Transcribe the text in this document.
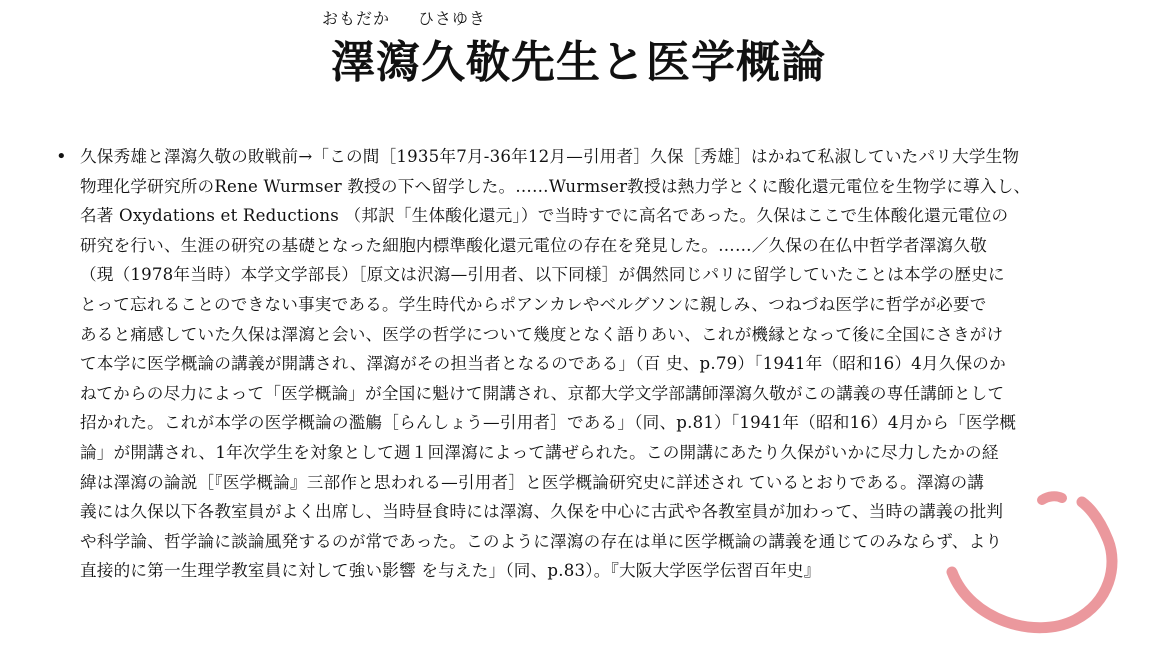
おもだか ひさゆき
澤瀉久敬先生と医学概論
• 久保秀雄と澤瀉久敬の敗戦前→「この間［1935年7月-36年12月—引用者］久保［秀雄］はかねて私淑していたパリ大学生物
物理化学研究所のRene Wurmser 教授の下へ留学した。……Wurmser教授は熱力学とくに酸化還元電位を生物学に導入し、
名著 Oxydations et Reductions （邦訳「生体酸化還元」）で当時すでに高名であった。久保はここで生体酸化還元電位の
研究を行い、生涯の研究の基礎となった細胞内標準酸化還元電位の存在を発見した。……／久保の在仏中哲学者澤瀉久敬
（現（1978年当時）本学文学部長）［原文は沢瀉—引用者、以下同様］が偶然同じパリに留学していたことは本学の歴史に
とって忘れることのできない事実である。学生時代からポアンカレやベルグソンに親しみ、つねづね医学に哲学が必要で
あると痛感していた久保は澤瀉と会い、医学の哲学について幾度となく語りあい、これが機縁となって後に全国にさきがけ
て本学に医学概論の講義が開講され、澤瀉がその担当者となるのである」（百 史、p.79）「1941年（昭和16）4月久保のか
ねてからの尽力によって「医学概論」が全国に魁けて開講され、京都大学文学部講師澤瀉久敬がこの講義の専任講師として
招かれた。これが本学の医学概論の濫觴［らんしょう—引用者］である」（同、p.81）「1941年（昭和16）4月から「医学概
論」が開講され、1年次学生を対象として週１回澤瀉によって講ぜられた。この開講にあたり久保がいかに尽力したかの経
緯は澤瀉の論説［『医学概論』三部作と思われる—引用者］と医学概論研究史に詳述され ているとおりである。澤瀉の講
義には久保以下各教室員がよく出席し、当時昼食時には澤瀉、久保を中心に古武や各教室員が加わって、当時の講義の批判
や科学論、哲学論に談論風発するのが常であった。このように澤瀉の存在は単に医学概論の講義を通じてのみならず、より
直接的に第一生理学教室員に対して強い影響 を与えた」（同、p.83）。『大阪大学医学伝習百年史』
